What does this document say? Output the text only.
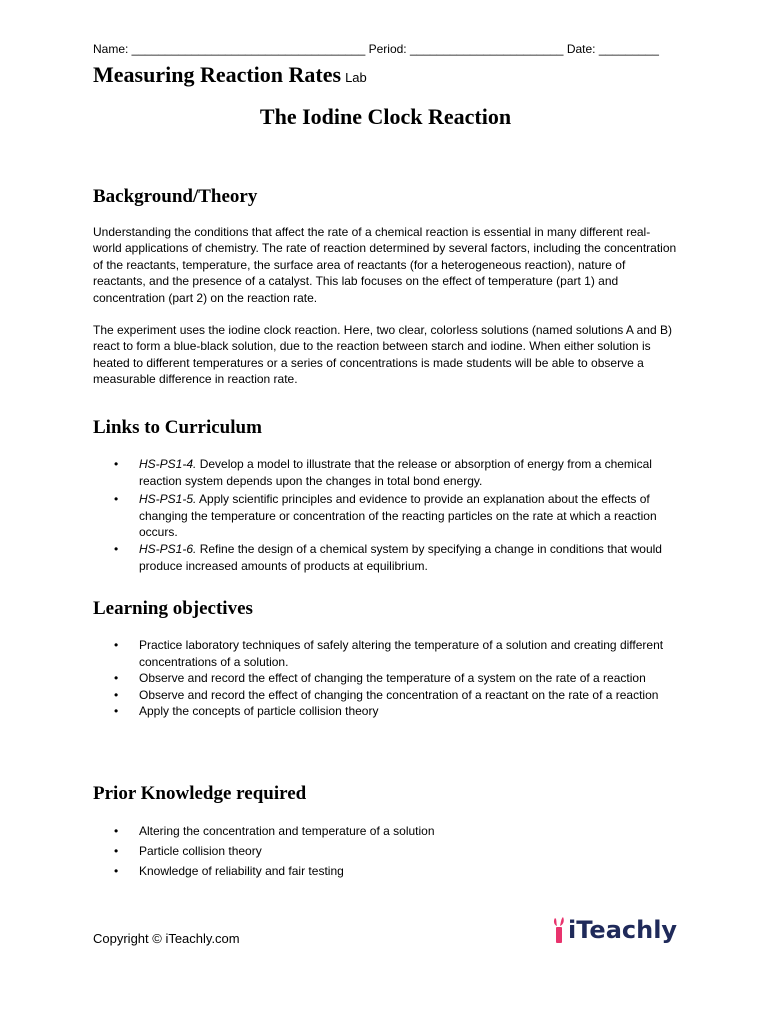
Name: ___________________________________ Period: _______________________ Date: _________
Measuring Reaction Rates Lab
The Iodine Clock Reaction
Background/Theory

Understanding the conditions that affect the rate of a chemical reaction is essential in many different real-world applications of chemistry. The rate of reaction determined by several factors, including the concentration of the reactants, temperature, the surface area of reactants (for a heterogeneous reaction), nature of reactants, and the presence of a catalyst. This lab focuses on the effect of temperature (part 1) and concentration (part 2) on the reaction rate.

The experiment uses the iodine clock reaction. Here, two clear, colorless solutions (named solutions A and B) react to form a blue-black solution, due to the reaction between starch and iodine. When either solution is heated to different temperatures or a series of concentrations is made students will be able to observe a measurable difference in reaction rate.

Links to Curriculum
• HS-PS1-4. Develop a model to illustrate that the release or absorption of energy from a chemical reaction system depends upon the changes in total bond energy.
• HS-PS1-5. Apply scientific principles and evidence to provide an explanation about the effects of changing the temperature or concentration of the reacting particles on the rate at which a reaction occurs.
• HS-PS1-6. Refine the design of a chemical system by specifying a change in conditions that would produce increased amounts of products at equilibrium.
Learning objectives
• Practice laboratory techniques of safely altering the temperature of a solution and creating different concentrations of a solution.
• Observe and record the effect of changing the temperature of a system on the rate of a reaction
• Observe and record the effect of changing the concentration of a reactant on the rate of a reaction
• Apply the concepts of particle collision theory
Prior Knowledge required
• Altering the concentration and temperature of a solution
• Particle collision theory
• Knowledge of reliability and fair testing
Copyright © iTeachly.com	iTeachly
